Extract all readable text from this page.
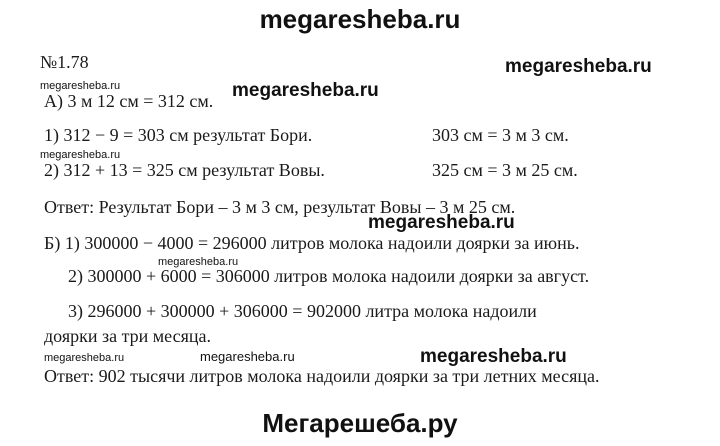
megaresheba.ru
№1.78	megaresheba.ru
megaresheba.ru
А) 3 м 12 см = 312 см. megaresheba.ru
1) 312 − 9 = 303 см результат Бори.	303 см = 3 м 3 см.
megaresheba.ru
2) 312 + 13 = 325 см результат Вовы.	325 см = 3 м 25 см.
Ответ: Результат Бори – 3 м 3 см, результат Вовы – 3 м 25 см.
megaresheba.ru
Б) 1) 300000 − 4000 = 296000 литров молока надоили доярки за июнь.
megaresheba.ru
2) 300000 + 6000 = 306000 литров молока надоили доярки за август.
3) 296000 + 300000 + 306000 = 902000 литра молока надоили
доярки за три месяца.
megaresheba.ru	megaresheba.ru	megaresheba.ru
Ответ: 902 тысячи литров молока надоили доярки за три летних месяца.
Мегарешеба.ру
